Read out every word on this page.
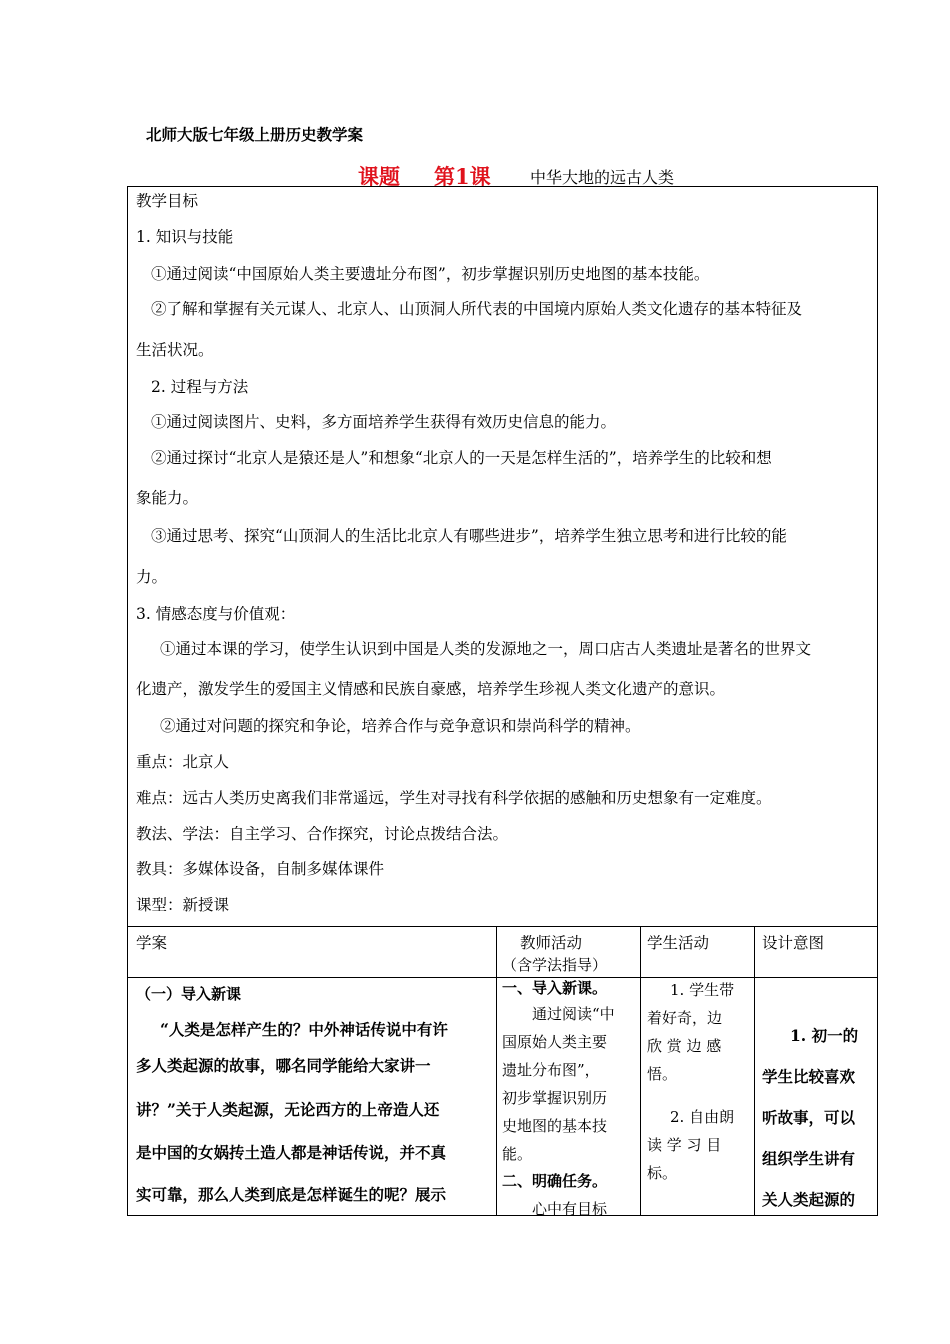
北师大版七年级上册历史教学案
课题 第1课 中华大地的远古人类
教学目标
1. 知识与技能
①通过阅读“中国原始人类主要遗址分布图”，初步掌握识别历史地图的基本技能。
②了解和掌握有关元谋人、北京人、山顶洞人所代表的中国境内原始人类文化遗存的基本特征及
生活状况。
2. 过程与方法
①通过阅读图片、史料，多方面培养学生获得有效历史信息的能力。
②通过探讨“北京人是猿还是人”和想象“北京人的一天是怎样生活的”，培养学生的比较和想
象能力。
③通过思考、探究“山顶洞人的生活比北京人有哪些进步”，培养学生独立思考和进行比较的能
力。
3. 情感态度与价值观：
①通过本课的学习，使学生认识到中国是人类的发源地之一，周口店古人类遗址是著名的世界文
化遗产，激发学生的爱国主义情感和民族自豪感，培养学生珍视人类文化遗产的意识。
②通过对问题的探究和争论，培养合作与竞争意识和崇尚科学的精神。
重点：北京人
难点：远古人类历史离我们非常遥远，学生对寻找有科学依据的感触和历史想象有一定难度。
教法、学法：自主学习、合作探究，讨论点拨结合法。
教具：多媒体设备，自制多媒体课件
课型：新授课
学案	教师活动
（含学法指导）
学生活动	设计意图
（一）导入新课
“人类是怎样产生的？中外神话传说中有许
多人类起源的故事，哪名同学能给大家讲一
讲？”关于人类起源，无论西方的上帝造人还
是中国的女娲抟土造人都是神话传说，并不真
实可靠，那么人类到底是怎样诞生的呢？展示
一、导入新课。
通过阅读“中
国原始人类主要
遗址分布图”，
初步掌握识别历
史地图的基本技
能。
二、明确任务。
心中有目标
1. 学生带
着好奇，边
欣 赏 边 感
悟。
2. 自由朗
读 学 习 目
标。
1. 初一的
学生比较喜欢
听故事，可以
组织学生讲有
关人类起源的
